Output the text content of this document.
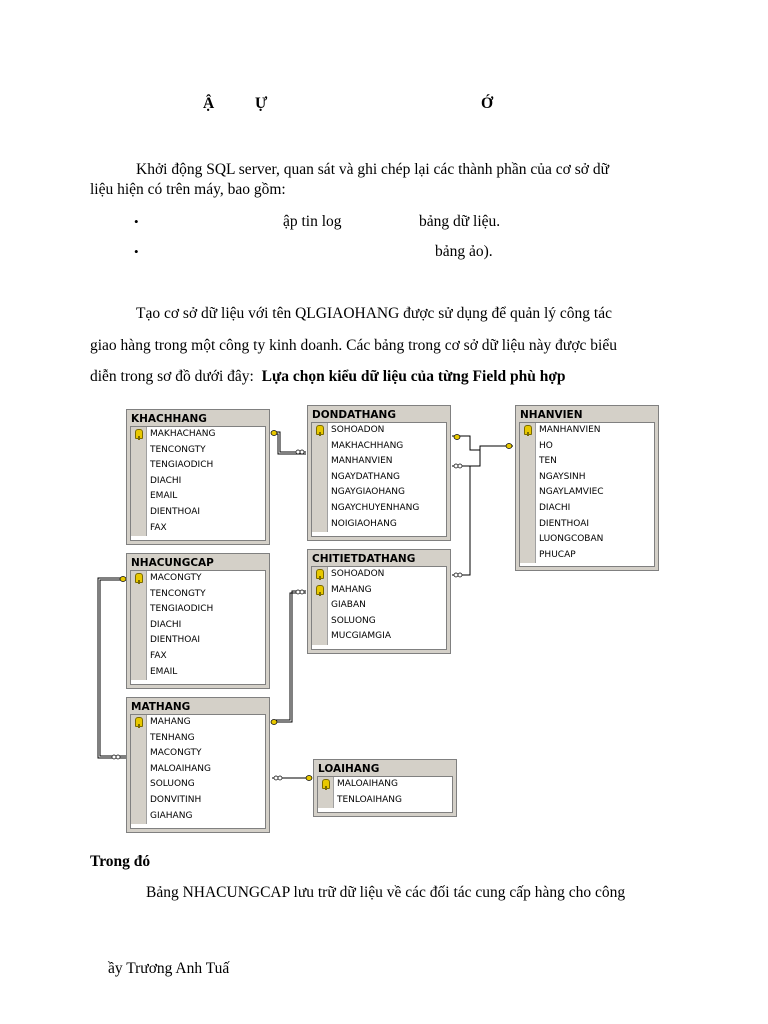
Ậ	Ự	Ớ
Khởi động SQL server, quan sát và ghi chép lại các thành phần của cơ sở dữ
liệu hiện có trên máy, bao gồm:
•	ập tin log	bảng dữ liệu.
•	bảng ảo).
Tạo cơ sở dữ liệu với tên QLGIAOHANG được sử dụng để quản lý công tác
giao hàng trong một công ty kinh doanh. Các bảng trong cơ sở dữ liệu này được biểu
diễn trong sơ đồ dưới đây: Lựa chọn kiểu dữ liệu của từng Field phù hợp
KHACHHANG
MAKHACHANG
TENCONGTY
TENGIAODICH
DIACHI
EMAIL
DIENTHOAI
FAX
DONDATHANG
SOHOADON
MAKHACHHANG
MANHANVIEN
NGAYDATHANG
NGAYGIAOHANG
NGAYCHUYENHANG
NOIGIAOHANG
NHANVIEN
MANHANVIEN
HO
TEN
NGAYSINH
NGAYLAMVIEC
DIACHI
DIENTHOAI
LUONGCOBAN
PHUCAP
NHACUNGCAP
MACONGTY
TENCONGTY
TENGIAODICH
DIACHI
DIENTHOAI
FAX
EMAIL
CHITIETDATHANG
SOHOADON
MAHANG
GIABAN
SOLUONG
MUCGIAMGIA
MATHANG
MAHANG
TENHANG
MACONGTY
MALOAIHANG
SOLUONG
DONVITINH
GIAHANG
LOAIHANG
MALOAIHANG
TENLOAIHANG
Trong đó
Bảng NHACUNGCAP lưu trữ dữ liệu về các đối tác cung cấp hàng cho công
ầy Trương Anh Tuấ
